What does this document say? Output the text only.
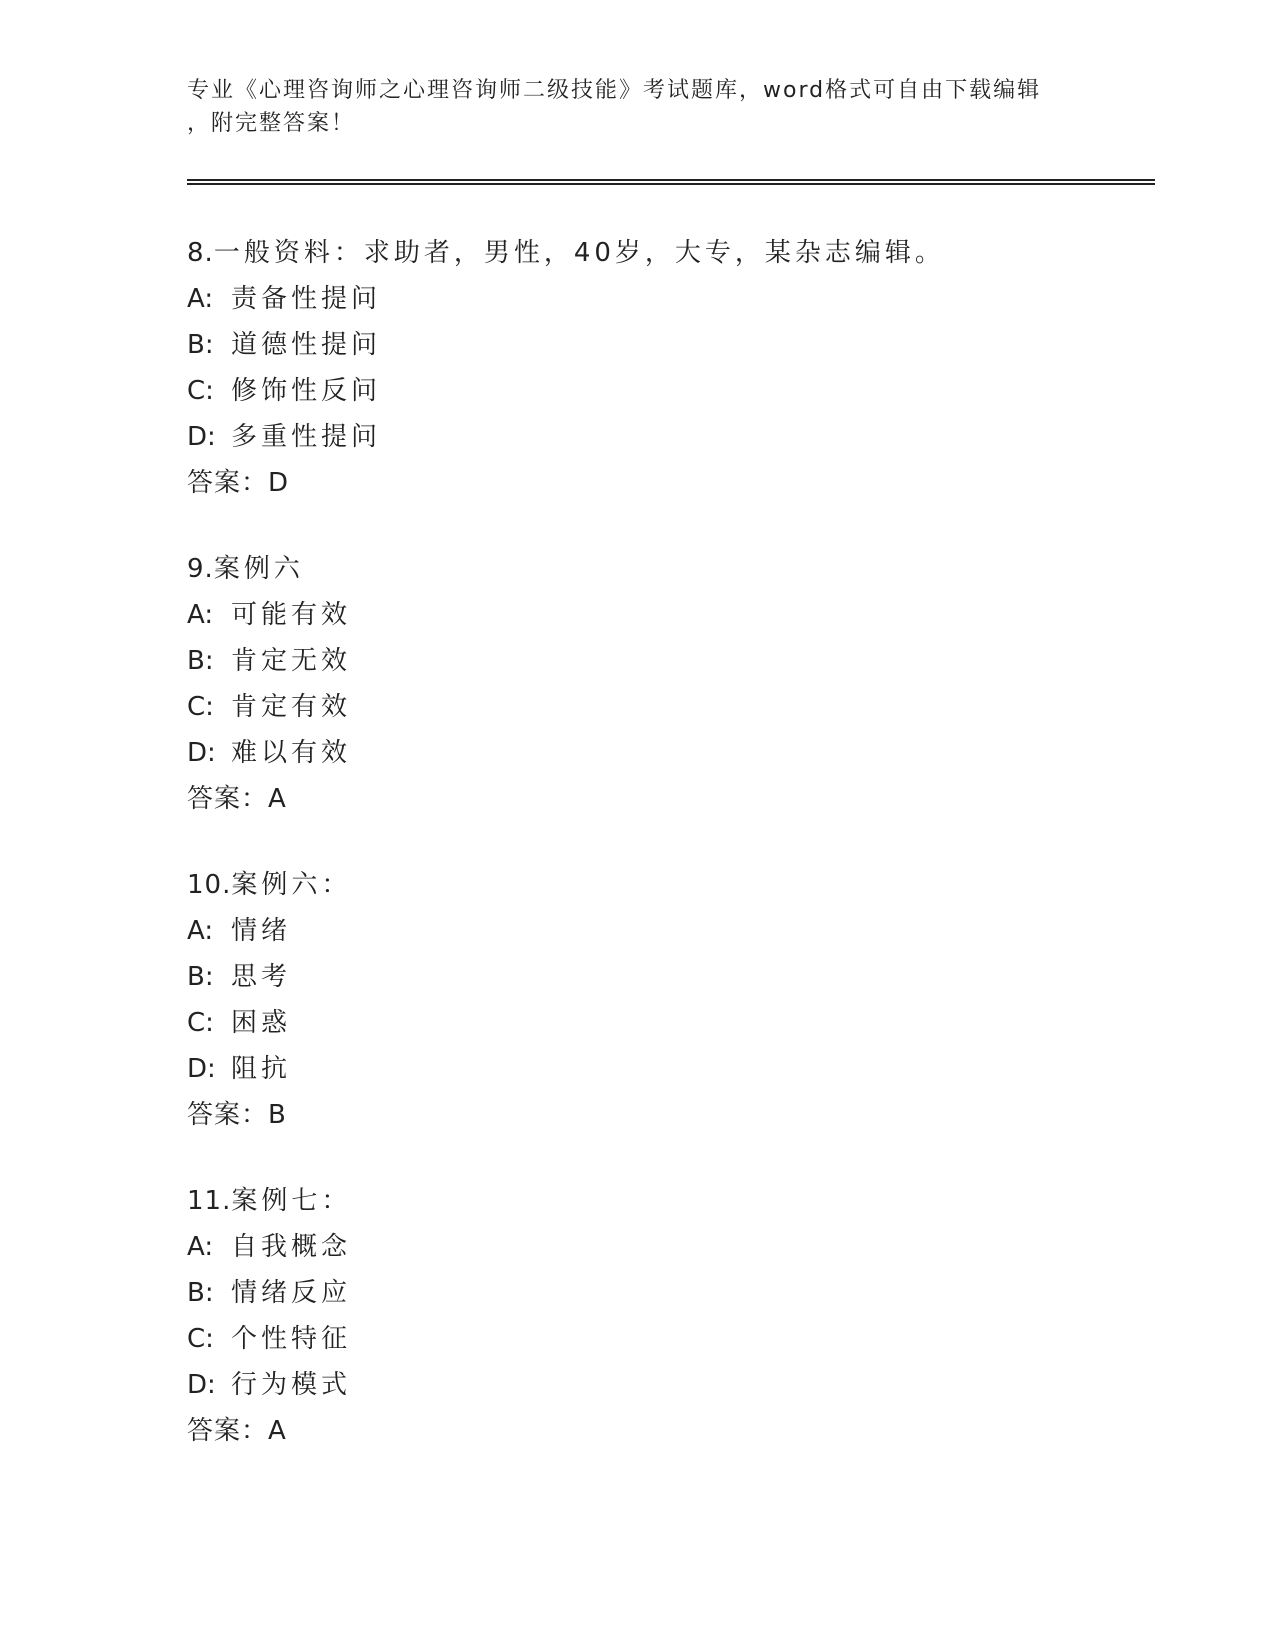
专业《心理咨询师之心理咨询师二级技能》考试题库，word格式可自由下载编辑
，附完整答案！
8.一般资料：求助者，男性，40岁，大专，某杂志编辑。
A: 责备性提问
B: 道德性提问
C: 修饰性反问
D: 多重性提问
答案：D
9.案例六
A: 可能有效
B: 肯定无效
C: 肯定有效
D: 难以有效
答案：A
10.案例六：
A: 情绪
B: 思考
C: 困惑
D: 阻抗
答案：B
11.案例七：
A: 自我概念
B: 情绪反应
C: 个性特征
D: 行为模式
答案：A
